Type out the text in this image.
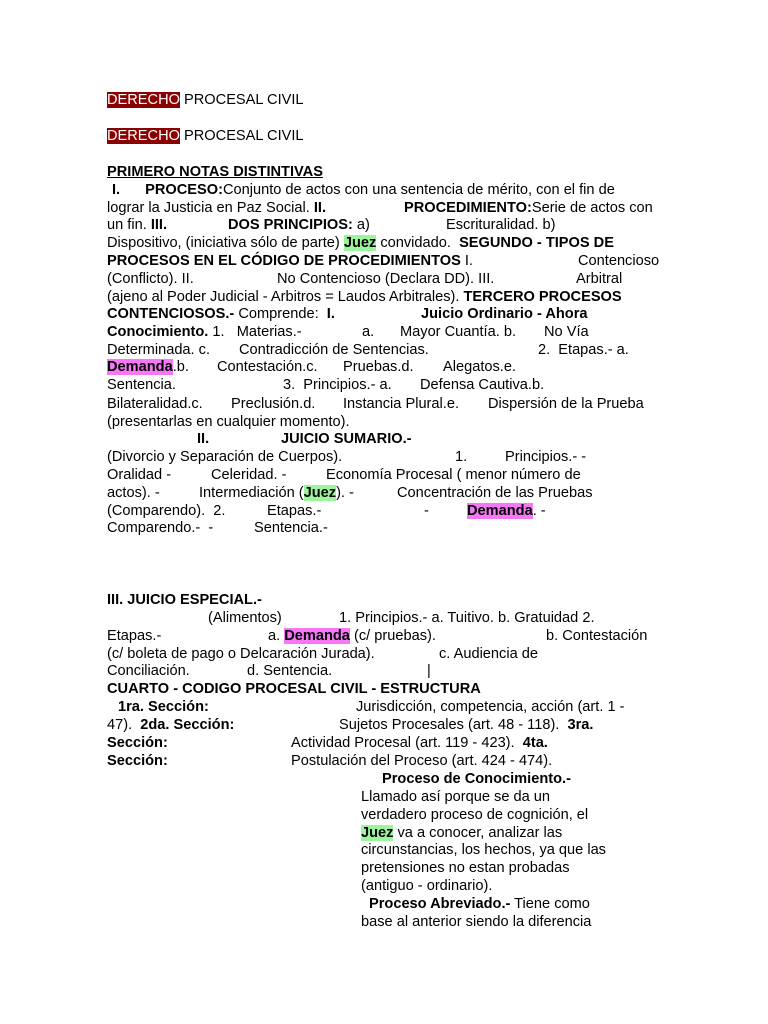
DERECHO PROCESAL CIVIL
DERECHO PROCESAL CIVIL
PRIMERO NOTAS DISTINTIVAS
I. PROCESO:Conjunto de actos con una sentencia de mérito, con el fin de
lograr la Justicia en Paz Social. II.	PROCEDIMIENTO:Serie de actos con
un fin. III.	DOS PRINCIPIOS: a)	Escrituralidad. b)
Dispositivo, (iniciativa sólo de parte) Juez convidado.  SEGUNDO - TIPOS DE
PROCESOS EN EL CÓDIGO DE PROCEDIMIENTOS I.	Contencioso
(Conflicto). II.	No Contencioso (Declara DD). III.	Arbitral
(ajeno al Poder Judicial - Arbitros = Laudos Arbitrales). TERCERO PROCESOS
CONTENCIOSOS.- Comprende:  I.	Juicio Ordinario - Ahora
Conocimiento. 1.   Materias.-	a. Mayor Cuantía. b. No Vía
Determinada. c. Contradicción de Sentencias.	2.  Etapas.- a.
Demanda.b. Contestación.c. Pruebas.d. Alegatos.e.
Sentencia.	3.  Principios.- a. Defensa Cautiva.b.
Bilateralidad.c. Preclusión.d. Instancia Plural.e. Dispersión de la Prueba
(presentarlas en cualquier momento).
II.	JUICIO SUMARIO.-
(Divorcio y Separación de Cuerpos).	1.	Principios.- -
Oralidad -	Celeridad. -	Economía Procesal ( menor número de
actos). -	Intermediación (Juez). -	Concentración de las Pruebas
(Comparendo).  2.	Etapas.-	-	Demanda. -
Comparendo.-  -	Sentencia.-
III. JUICIO ESPECIAL.-
(Alimentos)	1. Principios.- a. Tuitivo. b. Gratuidad 2.
Etapas.-	a. Demanda (c/ pruebas).	b. Contestación
(c/ boleta de pago o Delcaración Jurada).	c. Audiencia de
Conciliación.	d. Sentencia.	|
CUARTO - CODIGO PROCESAL CIVIL - ESTRUCTURA
1ra. Sección:	Jurisdicción, competencia, acción (art. 1 -
47).  2da. Sección:	Sujetos Procesales (art. 48 - 118).  3ra.
Sección:	Actividad Procesal (art. 119 - 423).  4ta.
Sección:	Postulación del Proceso (art. 424 - 474).
Proceso de Conocimiento.-
Llamado así porque se da un
verdadero proceso de cognición, el
Juez va a conocer, analizar las
circunstancias, los hechos, ya que las
pretensiones no estan probadas
(antiguo - ordinario).
Proceso Abreviado.- Tiene como
base al anterior siendo la diferencia
